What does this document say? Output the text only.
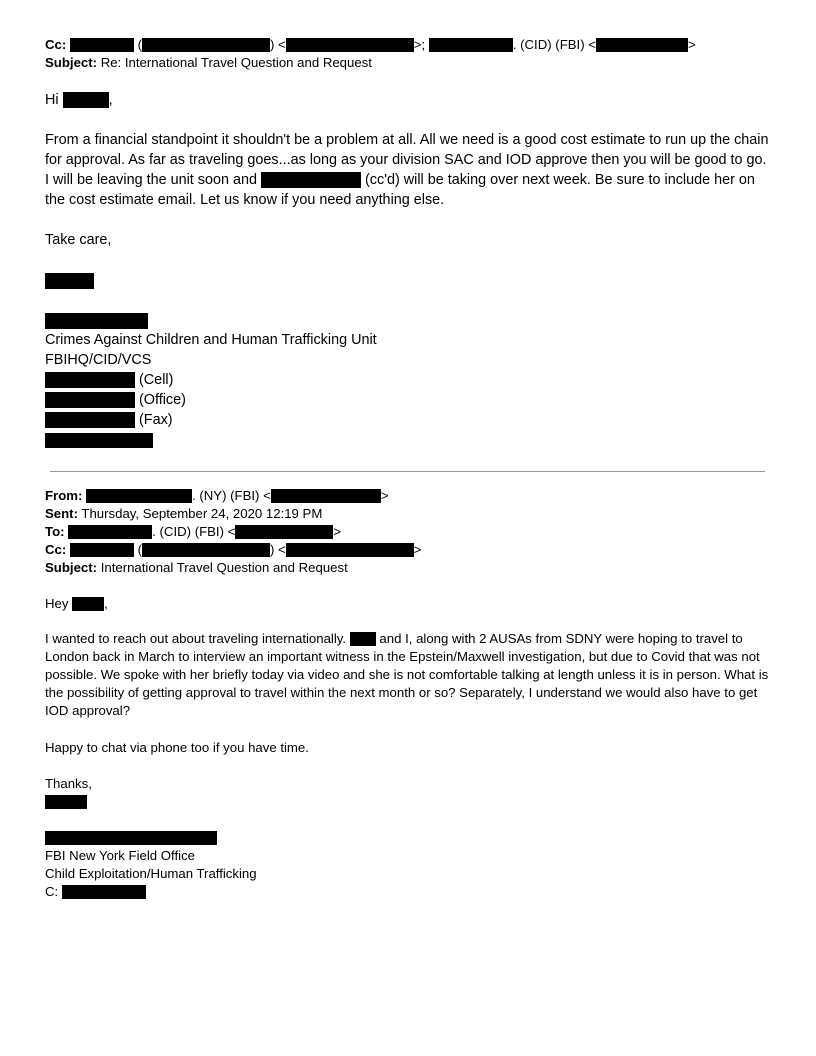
Cc:	(	) <	>;	. (CID) (FBI) <	>
Subject: Re: International Travel Question and Request
Hi	,
From a financial standpoint it shouldn't be a problem at all. All we need is a good cost estimate to run up the chain for approval. As far as traveling goes...as long as your division SAC and IOD approve then you will be good to go. I will be leaving the unit soon and	(cc'd) will be taking over next week. Be sure to include her on the cost estimate email. Let us know if you need anything else.
Take care,
Crimes Against Children and Human Trafficking Unit
FBIHQ/CID/VCS
(Cell)
(Office)
(Fax)
From:	. (NY) (FBI) <	>
Sent: Thursday, September 24, 2020 12:19 PM
To:	. (CID) (FBI) <	>
Cc:	(	) <	>
Subject: International Travel Question and Request
Hey	,
I wanted to reach out about traveling internationally.	and I, along with 2 AUSAs from SDNY were hoping to travel to London back in March to interview an important witness in the Epstein/Maxwell investigation, but due to Covid that was not possible. We spoke with her briefly today via video and she is not comfortable talking at length unless it is in person. What is the possibility of getting approval to travel within the next month or so? Separately, I understand we would also have to get IOD approval?
Happy to chat via phone too if you have time.
Thanks,
FBI New York Field Office
Child Exploitation/Human Trafficking
C:
